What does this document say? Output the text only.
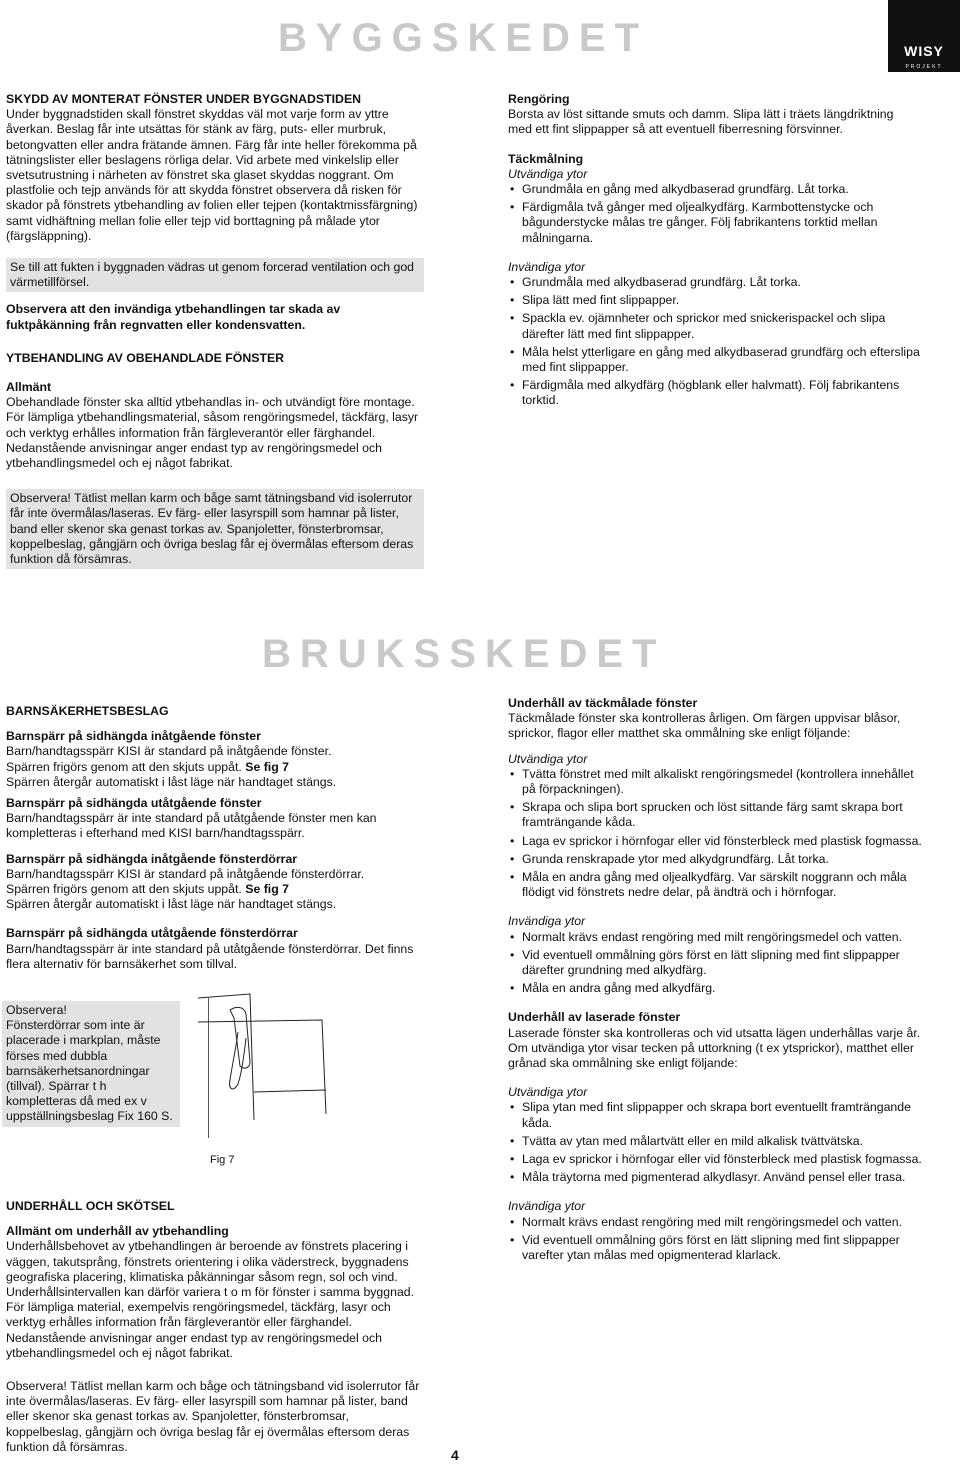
BYGGSKEDET	WISY
PROJEKT

SKYDD AV MONTERAT FÖNSTER UNDER BYGGNADSTIDEN

Under byggnadstiden skall fönstret skyddas väl mot varje form av yttre åverkan. Beslag får inte utsättas för stänk av färg, puts- eller murbruk, betongvatten eller andra frätande ämnen. Färg får inte heller förekomma på tätningslister eller beslagens rörliga delar. Vid arbete med vinkelslip eller svetsutrustning i närheten av fönstret ska glaset skyddas noggrant. Om plastfolie och tejp används för att skydda fönstret observera då risken för skador på fönstrets ytbehandling av folien eller tejpen (kontaktmissfärgning) samt vidhäftning mellan folie eller tejp vid borttagning på målade ytor (färgsläppning).

Se till att fukten i byggnaden vädras ut genom forcerad ventilation och god värmetillförsel.

Observera att den invändiga ytbehandlingen tar skada av fuktpåkänning från regnvatten eller kondensvatten.

YTBEHANDLING AV OBEHANDLADE FÖNSTER

Allmänt

Obehandlade fönster ska alltid ytbehandlas in- och utvändigt före montage. För lämpliga ytbehandlingsmaterial, såsom rengöringsmedel, täckfärg, lasyr och verktyg erhålles information från färgleverantör eller färghandel. Nedanstående anvisningar anger endast typ av rengöringsmedel och ytbehandlingsmedel och ej något fabrikat.

Observera! Tätlist mellan karm och båge samt tätningsband vid isolerrutor får inte övermålas/laseras. Ev färg- eller lasyrspill som hamnar på lister, band eller skenor ska genast torkas av. Spanjoletter, fönsterbromsar, koppelbeslag, gångjärn och övriga beslag får ej övermålas eftersom deras funktion då försämras.

Rengöring

Borsta av löst sittande smuts och damm. Slipa lätt i träets längdriktning med ett fint slippapper så att eventuell fiberresning försvinner.

Täckmålning

Utvändiga ytor

• Grundmåla en gång med alkydbaserad grundfärg. Låt torka.
• Färdigmåla två gånger med oljealkydfärg. Karmbottenstycke och bågunderstycke målas tre gånger. Följ fabrikantens torktid mellan målningarna.

Invändiga ytor

• Grundmåla med alkydbaserad grundfärg. Låt torka.
• Slipa lätt med fint slippapper.
• Spackla ev. ojämnheter och sprickor med snickerispackel och slipa därefter lätt med fint slippapper.
• Måla helst ytterligare en gång med alkydbaserad grundfärg och efterslipa med fint slippapper.
• Färdigmåla med alkydfärg (högblank eller halvmatt). Följ fabrikantens torktid.
BRUKSSKEDET

BARNSÄKERHETSBESLAG

Barnspärr på sidhängda inåtgående fönster

Barn/handtagsspärr KISI är standard på inåtgående fönster.

Spärren frigörs genom att den skjuts uppåt. Se fig 7

Spärren återgår automatiskt i låst läge när handtaget stängs.

Barnspärr på sidhängda utåtgående fönster

Barn/handtagsspärr är inte standard på utåtgående fönster men kan kompletteras i efterhand med KISI barn/handtagsspärr.

Barnspärr på sidhängda inåtgående fönsterdörrar

Barn/handtagsspärr KISI är standard på inåtgående fönsterdörrar.

Spärren frigörs genom att den skjuts uppåt. Se fig 7

Spärren återgår automatiskt i låst läge när handtaget stängs.

Barnspärr på sidhängda utåtgående fönsterdörrar

Barn/handtagsspärr är inte standard på utåtgående fönsterdörrar. Det finns flera alternativ för barnsäkerhet som tillval.

Observera!
Fönsterdörrar som inte är placerade i markplan, måste förses med dubbla barnsäkerhetsanordningar (tillval). Spärrar t h kompletteras då med ex v uppställningsbeslag Fix 160 S.
Fig 7

UNDERHÅLL OCH SKÖTSEL

Allmänt om underhåll av ytbehandling

Underhållsbehovet av ytbehandlingen är beroende av fönstrets placering i väggen, takutsprång, fönstrets orientering i olika väderstreck, byggnadens geografiska placering, klimatiska påkänningar såsom regn, sol och vind. Underhållsintervallen kan därför variera t o m för fönster i samma byggnad. För lämpliga material, exempelvis rengöringsmedel, täckfärg, lasyr och verktyg erhålles information från färgleverantör eller färghandel. Nedanstående anvisningar anger endast typ av rengöringsmedel och ytbehandlingsmedel och ej något fabrikat.

Observera! Tätlist mellan karm och båge och tätningsband vid isolerrutor får inte övermålas/laseras. Ev färg- eller lasyrspill som hamnar på lister, band eller skenor ska genast torkas av. Spanjoletter, fönsterbromsar, koppelbeslag, gångjärn och övriga beslag får ej övermålas eftersom deras funktion då försämras.

Underhåll av täckmålade fönster

Täckmålade fönster ska kontrolleras årligen. Om färgen uppvisar blåsor, sprickor, flagor eller matthet ska ommålning ske enligt följande:

Utvändiga ytor

• Tvätta fönstret med milt alkaliskt rengöringsmedel (kontrollera innehållet på förpackningen).
• Skrapa och slipa bort sprucken och löst sittande färg samt skrapa bort framträngande kåda.
• Laga ev sprickor i hörnfogar eller vid fönsterbleck med plastisk fogmassa.
• Grunda renskrapade ytor med alkydgrundfärg. Låt torka.
• Måla en andra gång med oljealkydfärg. Var särskilt noggrann och måla flödigt vid fönstrets nedre delar, på ändträ och i hörnfogar.

Invändiga ytor

• Normalt krävs endast rengöring med milt rengöringsmedel och vatten.
• Vid eventuell ommålning görs först en lätt slipning med fint slippapper därefter grundning med alkydfärg.
• Måla en andra gång med alkydfärg.

Underhåll av laserade fönster

Laserade fönster ska kontrolleras och vid utsatta lägen underhållas varje år. Om utvändiga ytor visar tecken på uttorkning (t ex ytsprickor), matthet eller grånad ska ommålning ske enligt följande:

Utvändiga ytor

• Slipa ytan med fint slippapper och skrapa bort eventuellt framträngande kåda.
• Tvätta av ytan med målartvätt eller en mild alkalisk tvättvätska.
• Laga ev sprickor i hörnfogar eller vid fönsterbleck med plastisk fogmassa.
• Måla träytorna med pigmenterad alkydlasyr. Använd pensel eller trasa.

Invändiga ytor

• Normalt krävs endast rengöring med milt rengöringsmedel och vatten.
• Vid eventuell ommålning görs först en lätt slipning med fint slippapper varefter ytan målas med opigmenterad klarlack.
4
